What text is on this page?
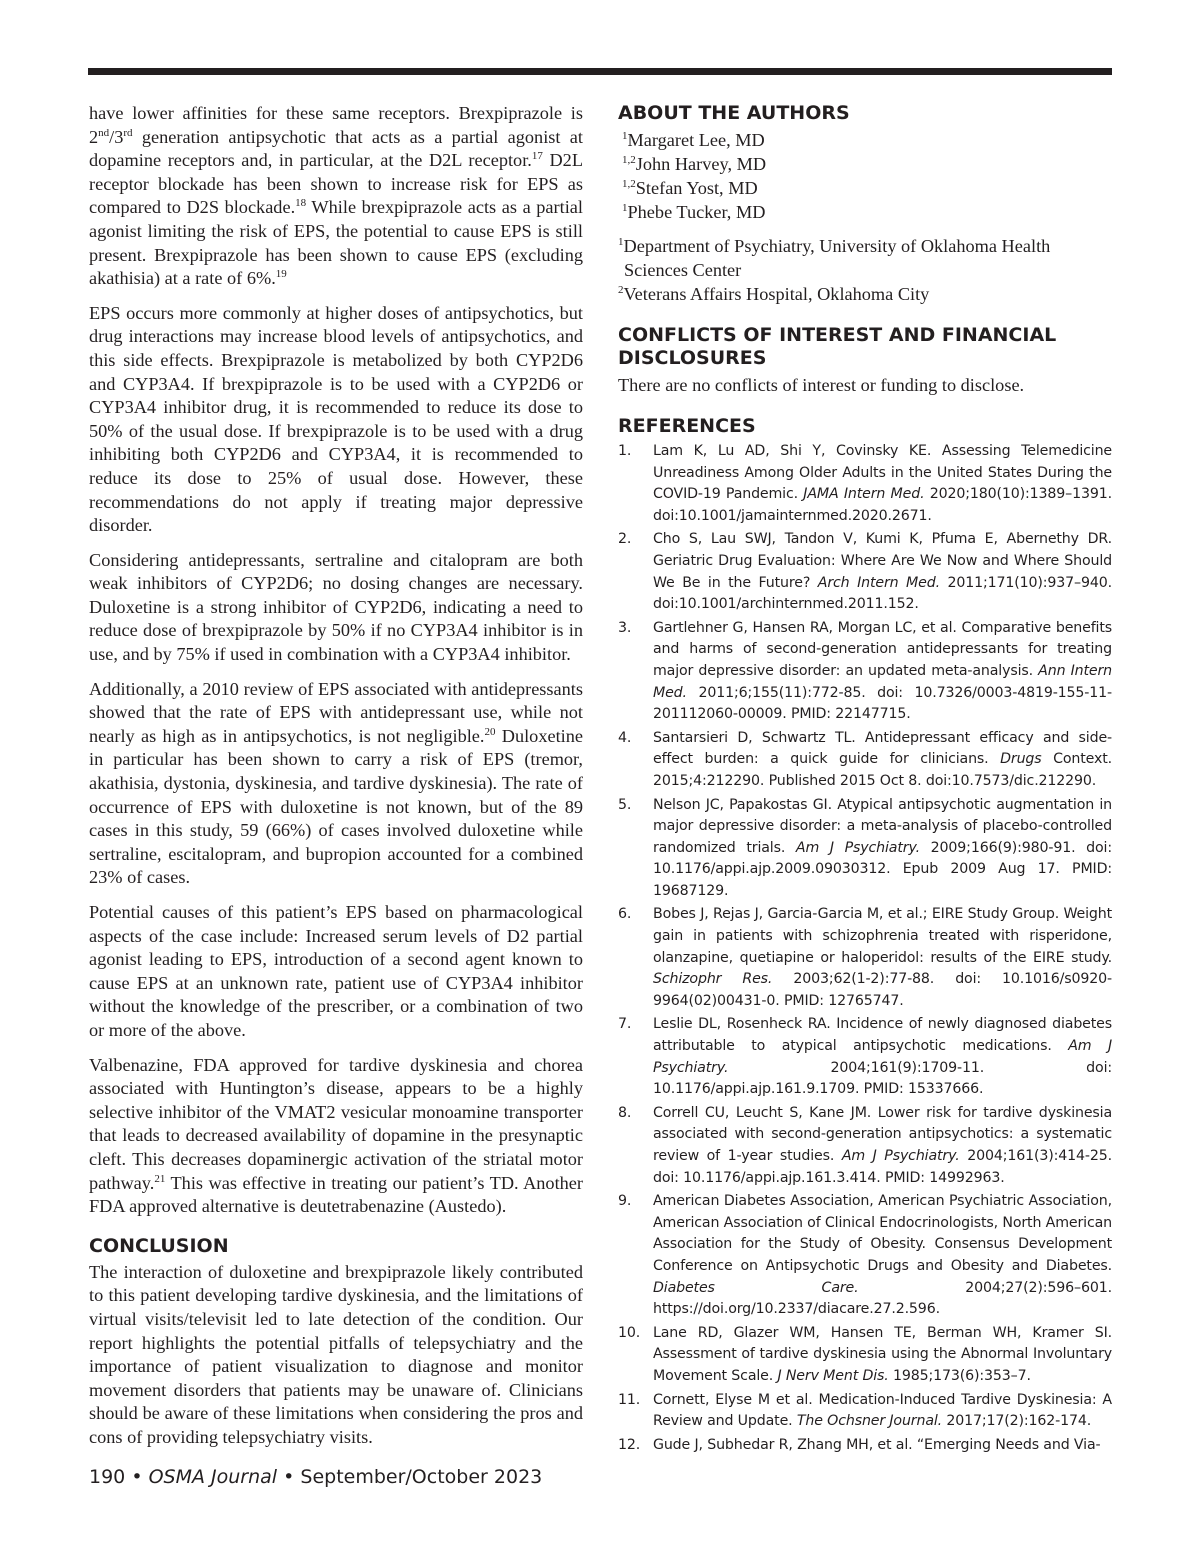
have lower affinities for these same receptors. Brexpiprazole is 2nd/3rd generation antipsychotic that acts as a partial agonist at dopamine receptors and, in particular, at the D2L receptor.$^{17}$ D2L receptor blockade has been shown to increase risk for EPS as compared to D2S blockade.$^{18}$ While brexpiprazole acts as a partial agonist limiting the risk of EPS, the potential to cause EPS is still present. Brexpiprazole has been shown to cause EPS (excluding akathisia) at a rate of 6%.$^{19}$

EPS occurs more commonly at higher doses of antipsychotics, but drug interactions may increase blood levels of antipsychotics, and this side effects. Brexpiprazole is metabolized by both CYP2D6 and CYP3A4. If brexpiprazole is to be used with a CYP2D6 or CYP3A4 inhibitor drug, it is recommended to reduce its dose to 50% of the usual dose. If brexpiprazole is to be used with a drug inhibiting both CYP2D6 and CYP3A4, it is recommended to reduce its dose to 25% of usual dose. However, these recommendations do not apply if treating major depressive disorder.

Considering antidepressants, sertraline and citalopram are both weak inhibitors of CYP2D6; no dosing changes are necessary. Duloxetine is a strong inhibitor of CYP2D6, indicating a need to reduce dose of brexpiprazole by 50% if no CYP3A4 inhibitor is in use, and by 75% if used in combination with a CYP3A4 inhibitor.

Additionally, a 2010 review of EPS associated with antidepressants showed that the rate of EPS with antidepressant use, while not nearly as high as in antipsychotics, is not negligible.$^{20}$ Duloxetine in particular has been shown to carry a risk of EPS (tremor, akathisia, dystonia, dyskinesia, and tardive dyskinesia). The rate of occurrence of EPS with duloxetine is not known, but of the 89 cases in this study, 59 (66%) of cases involved duloxetine while sertraline, escitalopram, and bupropion accounted for a combined 23% of cases.

Potential causes of this patient’s EPS based on pharmacological aspects of the case include: Increased serum levels of D2 partial agonist leading to EPS, introduction of a second agent known to cause EPS at an unknown rate, patient use of CYP3A4 inhibitor without the knowledge of the prescriber, or a combination of two or more of the above.

Valbenazine, FDA approved for tardive dyskinesia and chorea associated with Huntington’s disease, appears to be a highly selective inhibitor of the VMAT2 vesicular monoamine transporter that leads to decreased availability of dopamine in the presynaptic cleft. This decreases dopaminergic activation of the striatal motor pathway.$^{21}$ This was effective in treating our patient’s TD. Another FDA approved alternative is deutetrabenazine (Austedo).

CONCLUSION

The interaction of duloxetine and brexpiprazole likely contributed to this patient developing tardive dyskinesia, and the limitations of virtual visits/televisit led to late detection of the condition. Our report highlights the potential pitfalls of telepsychiatry and the importance of patient visualization to diagnose and monitor movement disorders that patients may be unaware of. Clinicians should be aware of these limitations when considering the pros and cons of providing telepsychiatry visits.

ABOUT THE AUTHORS

$^1$Margaret Lee, MD

$^{1,2}$John Harvey, MD

$^{1,2}$Stefan Yost, MD

$^1$Phebe Tucker, MD

$^1$Department of Psychiatry, University of Oklahoma Health
Sciences Center

$^2$Veterans Affairs Hospital, Oklahoma City

CONFLICTS OF INTEREST AND FINANCIAL DISCLOSURES

There are no conflicts of interest or funding to disclose.

REFERENCES
1. Lam K, Lu AD, Shi Y, Covinsky KE. Assessing Telemedicine Unreadiness Among Older Adults in the United States During the COVID-19 Pandemic. JAMA Intern Med. 2020;180(10):1389–1391. doi:10.1001/jamainternmed.2020.2671.
2. Cho S, Lau SWJ, Tandon V, Kumi K, Pfuma E, Abernethy DR. Geriatric Drug Evaluation: Where Are We Now and Where Should We Be in the Future? Arch Intern Med. 2011;171(10):937–940. doi:10.1001/archinternmed.2011.152.
3. Gartlehner G, Hansen RA, Morgan LC, et al. Comparative benefits and harms of second-generation antidepressants for treating major depressive disorder: an updated meta-analysis. Ann Intern Med. 2011;6;155(11):772-85. doi: 10.7326/0003-4819-155-11-201112060-00009. PMID: 22147715.
4. Santarsieri D, Schwartz TL. Antidepressant efficacy and side-effect burden: a quick guide for clinicians. Drugs Context. 2015;4:212290. Published 2015 Oct 8. doi:10.7573/dic.212290.
5. Nelson JC, Papakostas GI. Atypical antipsychotic augmentation in major depressive disorder: a meta-analysis of placebo-controlled randomized trials. Am J Psychiatry. 2009;166(9):980-91. doi: 10.1176/appi.ajp.2009.09030312. Epub 2009 Aug 17. PMID: 19687129.
6. Bobes J, Rejas J, Garcia-Garcia M, et al.; EIRE Study Group. Weight gain in patients with schizophrenia treated with risperidone, olanzapine, quetiapine or haloperidol: results of the EIRE study. Schizophr Res. 2003;62(1-2):77-88. doi: 10.1016/s0920-9964(02)00431-0. PMID: 12765747.
7. Leslie DL, Rosenheck RA. Incidence of newly diagnosed diabetes attributable to atypical antipsychotic medications. Am J Psychiatry. 2004;161(9):1709-11. doi: 10.1176/appi.ajp.161.9.1709. PMID: 15337666.
8. Correll CU, Leucht S, Kane JM. Lower risk for tardive dyskinesia associated with second-generation antipsychotics: a systematic review of 1-year studies. Am J Psychiatry. 2004;161(3):414-25. doi: 10.1176/appi.ajp.161.3.414. PMID: 14992963.
9. American Diabetes Association, American Psychiatric Association, American Association of Clinical Endocrinologists, North American Association for the Study of Obesity. Consensus Development Conference on Antipsychotic Drugs and Obesity and Diabetes. Diabetes Care. 2004;27(2):596–601. https://doi.org/10.2337/diacare.27.2.596.
10. Lane RD, Glazer WM, Hansen TE, Berman WH, Kramer SI. Assessment of tardive dyskinesia using the Abnormal Involuntary Movement Scale. J Nerv Ment Dis. 1985;173(6):353–7.
11. Cornett, Elyse M et al. Medication-Induced Tardive Dyskinesia: A Review and Update. The Ochsner Journal. 2017;17(2):162-174.
12. Gude J, Subhedar R, Zhang MH, et al. “Emerging Needs and Via-
190 • OSMA Journal • September/October 2023
